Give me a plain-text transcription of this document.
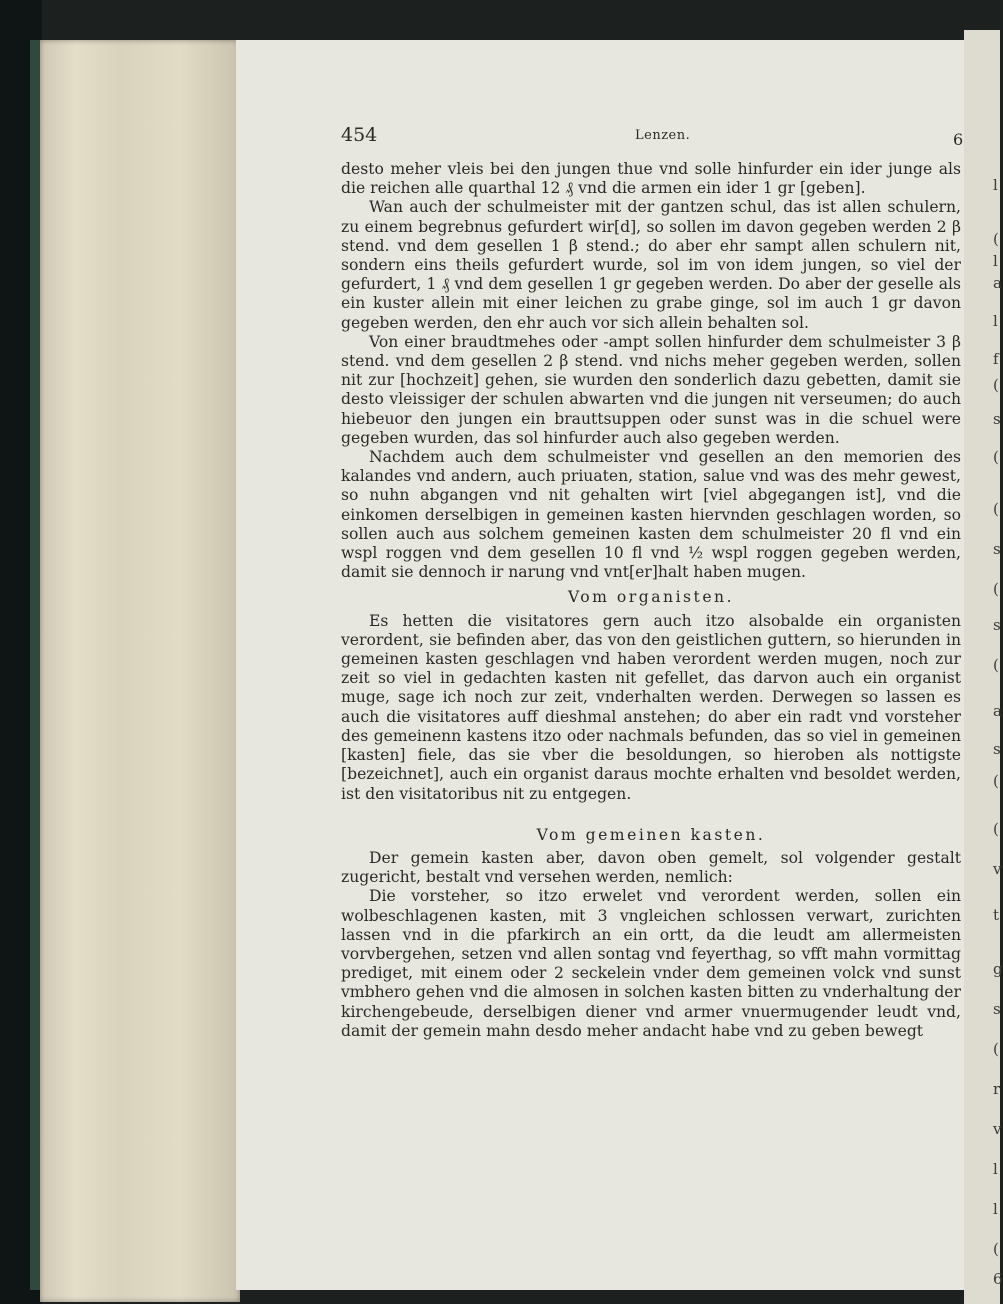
l
(
l
a
l
f
(
s
(
(
s
(
s
(
a
s
(
(
v
t
g
s
(
r
v
l
l
(
6
454	Lenzen.	6

desto meher vleis bei den jungen thue vnd solle hinfurder ein ider junge als die reichen alle quarthal 12 ₰ vnd die armen ein ider 1 gr [geben].

Wan auch der schulmeister mit der gantzen schul, das ist allen schulern, zu einem begrebnus gefurdert wir[d], so sollen im davon gegeben werden 2 β stend. vnd dem gesellen 1 β stend.; do aber ehr sampt allen schulern nit, sondern eins theils gefurdert wurde, sol im von idem jungen, so viel der gefurdert, 1 ₰ vnd dem gesellen 1 gr gegeben werden. Do aber der geselle als ein kuster allein mit einer leichen zu grabe ginge, sol im auch 1 gr davon gegeben werden, den ehr auch vor sich allein behalten sol.

Von einer braudtmehes oder -ampt sollen hinfurder dem schulmeister 3 β stend. vnd dem gesellen 2 β stend. vnd nichs meher gegeben werden, sollen nit zur [hochzeit] gehen, sie wurden den sonderlich dazu gebetten, damit sie desto vleissiger der schulen abwarten vnd die jungen nit verseumen; do auch hiebeuor den jungen ein brauttsuppen oder sunst was in die schuel were gegeben wurden, das sol hinfurder auch also gegeben werden.

Nachdem auch dem schulmeister vnd gesellen an den memorien des kalandes vnd andern, auch priuaten, station, salue vnd was des mehr gewest, so nuhn abgangen vnd nit gehalten wirt [viel abgegangen ist], vnd die einkomen derselbigen in gemeinen kasten hiervnden geschlagen worden, so sollen auch aus solchem gemeinen kasten dem schulmeister 20 fl vnd ein wspl roggen vnd dem gesellen 10 fl vnd ½ wspl roggen gegeben werden, damit sie dennoch ir narung vnd vnt[er]halt haben mugen.

Vom organisten.

Es hetten die visitatores gern auch itzo alsobalde ein organisten verordent, sie befinden aber, das von den geistlichen guttern, so hierunden in gemeinen kasten geschlagen vnd haben verordent werden mugen, noch zur zeit so viel in gedachten kasten nit gefellet, das darvon auch ein organist muge, sage ich noch zur zeit, vnderhalten werden. Derwegen so lassen es auch die visitatores auff dieshmal anstehen; do aber ein radt vnd vorsteher des gemeinenn kastens itzo oder nachmals befunden, das so viel in gemeinen [kasten] fiele, das sie vber die besoldungen, so hieroben als nottigste [bezeichnet], auch ein organist daraus mochte erhalten vnd besoldet werden, ist den visitatoribus nit zu entgegen.

Vom gemeinen kasten.

Der gemein kasten aber, davon oben gemelt, sol volgender gestalt zugericht, bestalt vnd versehen werden, nemlich:

Die vorsteher, so itzo erwelet vnd verordent werden, sollen ein wolbeschlagenen kasten, mit 3 vngleichen schlossen verwart, zurichten lassen vnd in die pfarkirch an ein ortt, da die leudt am allermeisten vorvbergehen, setzen vnd allen sontag vnd feyerthag, so vfft mahn vormittag prediget, mit einem oder 2 seckelein vnder dem gemeinen volck vnd sunst vmbhero gehen vnd die almosen in solchen kasten bitten zu vnderhaltung der kirchengebeude, derselbigen diener vnd armer vnuermugender leudt vnd, damit der gemein mahn desdo meher andacht habe vnd zu geben bewegt
